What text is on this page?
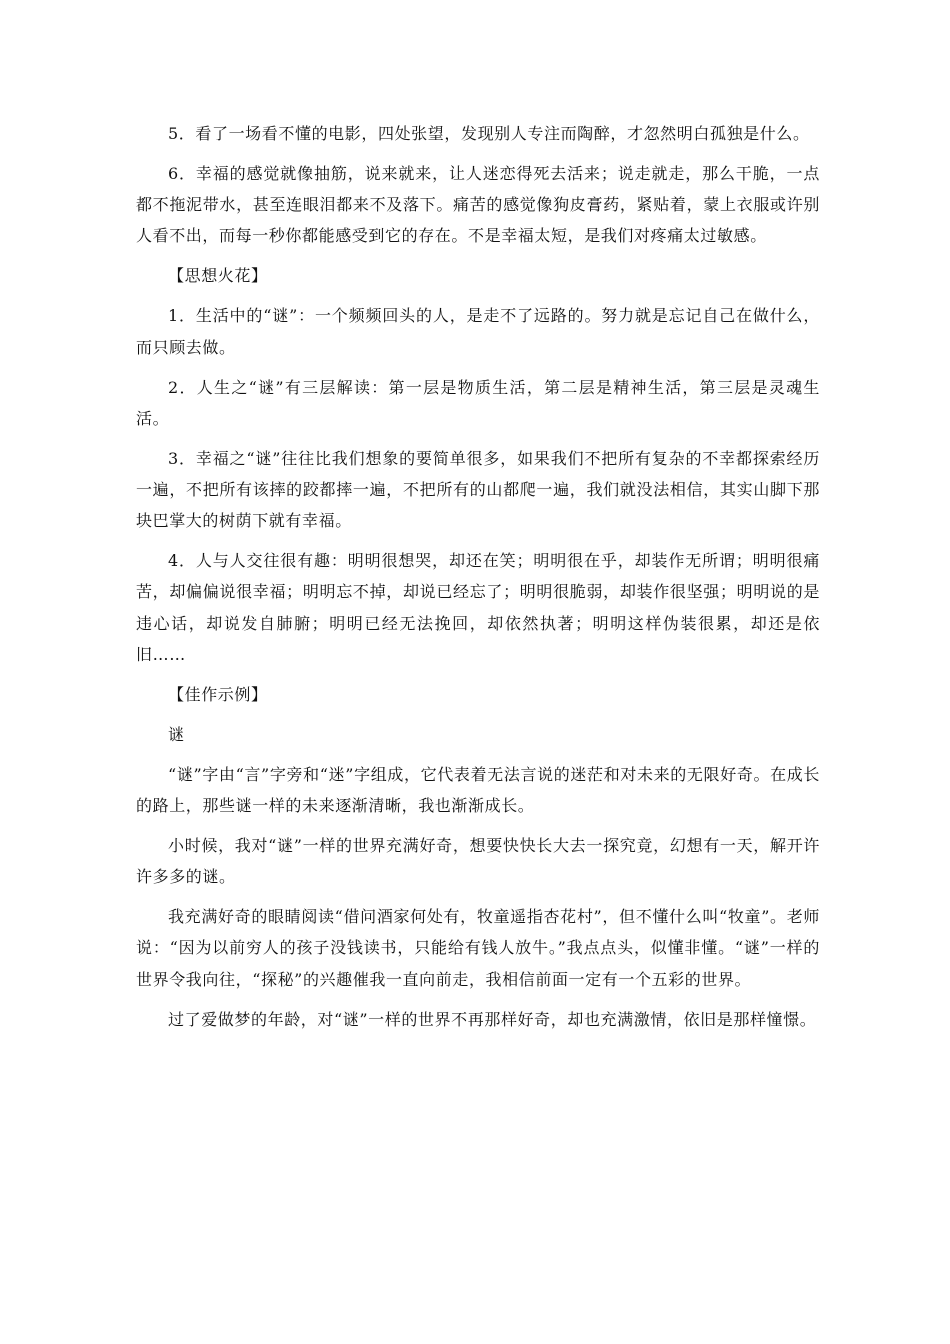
5．看了一场看不懂的电影，四处张望，发现别人专注而陶醉，才忽然明白孤独是什么。

6．幸福的感觉就像抽筋，说来就来，让人迷恋得死去活来；说走就走，那么干脆，一点都不拖泥带水，甚至连眼泪都来不及落下。痛苦的感觉像狗皮膏药，紧贴着，蒙上衣服或许别人看不出，而每一秒你都能感受到它的存在。不是幸福太短，是我们对疼痛太过敏感。

【思想火花】

1．生活中的“谜”：一个频频回头的人，是走不了远路的。努力就是忘记自己在做什么，而只顾去做。

2．人生之“谜”有三层解读：第一层是物质生活，第二层是精神生活，第三层是灵魂生活。

3．幸福之“谜”往往比我们想象的要简单很多，如果我们不把所有复杂的不幸都探索经历一遍，不把所有该摔的跤都摔一遍，不把所有的山都爬一遍，我们就没法相信，其实山脚下那块巴掌大的树荫下就有幸福。

4．人与人交往很有趣：明明很想哭，却还在笑；明明很在乎，却装作无所谓；明明很痛苦，却偏偏说很幸福；明明忘不掉，却说已经忘了；明明很脆弱，却装作很坚强；明明说的是违心话，却说发自肺腑；明明已经无法挽回，却依然执著；明明这样伪装很累，却还是依旧……

【佳作示例】

谜

“谜”字由“言”字旁和“迷”字组成，它代表着无法言说的迷茫和对未来的无限好奇。在成长的路上，那些谜一样的未来逐渐清晰，我也渐渐成长。

小时候，我对“谜”一样的世界充满好奇，想要快快长大去一探究竟，幻想有一天，解开许许多多的谜。

我充满好奇的眼睛阅读“借问酒家何处有，牧童遥指杏花村”，但不懂什么叫“牧童”。老师说：“因为以前穷人的孩子没钱读书，只能给有钱人放牛。”我点点头，似懂非懂。“谜”一样的世界令我向往，“探秘”的兴趣催我一直向前走，我相信前面一定有一个五彩的世界。

过了爱做梦的年龄，对“谜”一样的世界不再那样好奇，却也充满激情，依旧是那样憧憬。
